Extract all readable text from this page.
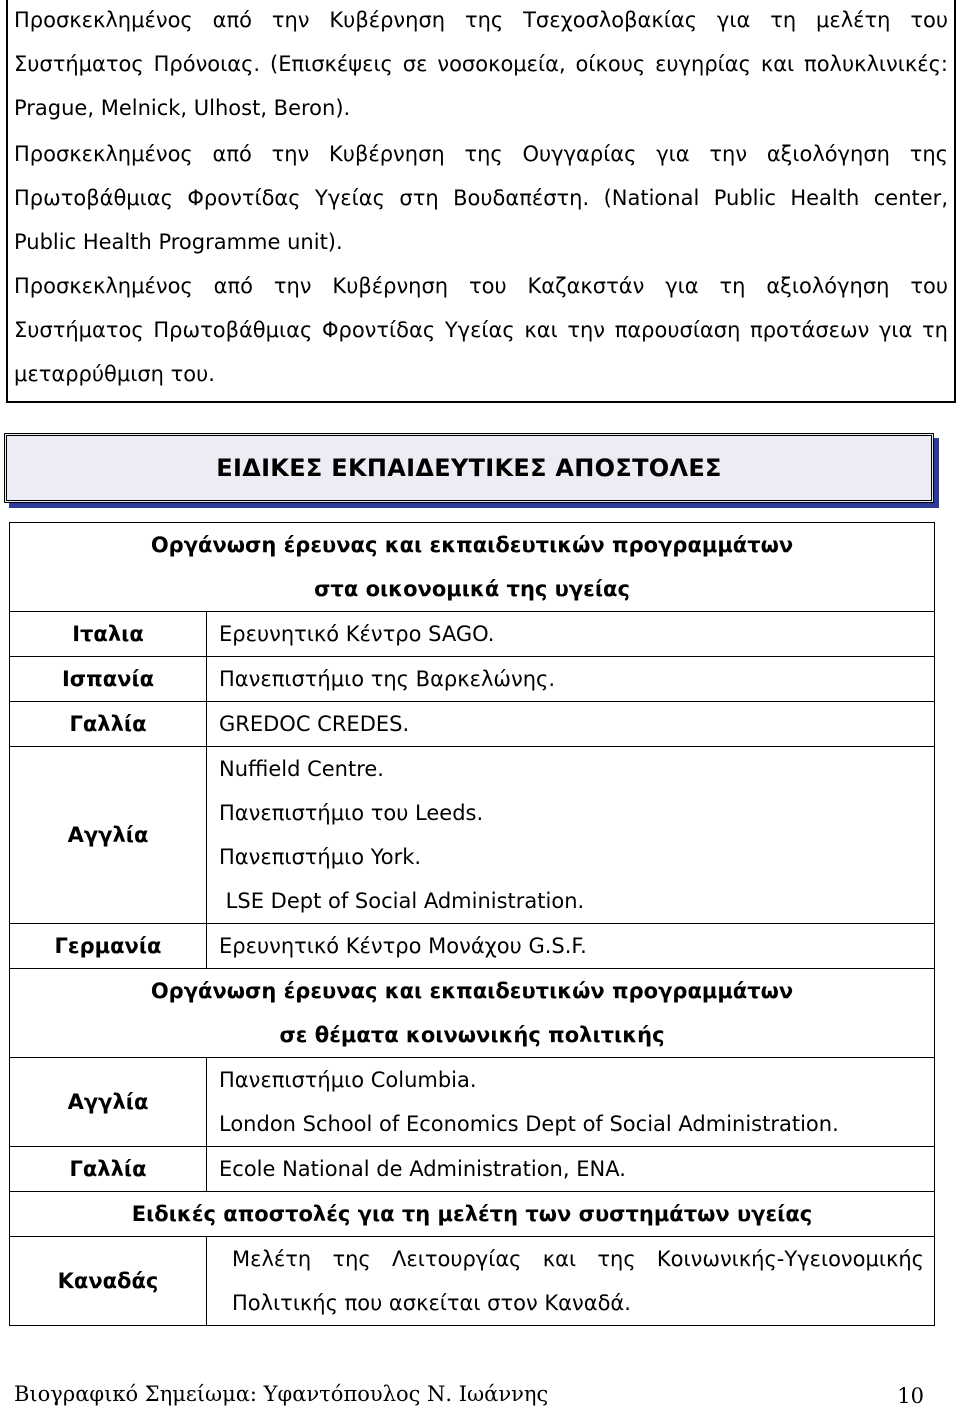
Προσκεκλημένος από την Κυβέρνηση της Τσεχοσλοβακίας για τη μελέτη του
Συστήματος Πρόνοιας. (Επισκέψεις σε νοσοκομεία, οίκους ευγηρίας και πολυκλινικές:
Prague, Melnick, Ulhost, Beron).
Προσκεκλημένος από την Κυβέρνηση της Ουγγαρίας για την αξιολόγηση της
Πρωτοβάθμιας Φροντίδας Υγείας στη Βουδαπέστη. (National Public Health center,
Public Health Programme unit).
Προσκεκλημένος από την Κυβέρνηση του Καζακστάν για τη αξιολόγηση του
Συστήματος Πρωτοβάθμιας Φροντίδας Υγείας και την παρουσίαση προτάσεων για τη
μεταρρύθμιση του.
ΕΙΔΙΚΕΣ ΕΚΠΑΙΔΕΥΤΙΚΕΣ ΑΠΟΣΤΟΛΕΣ
Οργάνωση έρευνας και εκπαιδευτικών προγραμμάτων
στα οικονομικά της υγείας	

Ιταλια	Ερευνητικό Κέντρο SAGO.

Ισπανία	Πανεπιστήμιο της Βαρκελώνης.

Γαλλία	GREDOC CREDES.

Αγγλία	Nuffield Centre.
Πανεπιστήμιο του Leeds.
Πανεπιστήμιο York.
LSE Dept of Social Administration.

Γερμανία	Ερευνητικό Κέντρο Μονάχου G.S.F.

Οργάνωση έρευνας και εκπαιδευτικών προγραμμάτων
σε θέματα κοινωνικής πολιτικής	

Αγγλία	Πανεπιστήμιο Columbia.
London School of Economics Dept of Social Administration.

Γαλλία	Ecole National de Administration, ENA.

Ειδικές αποστολές για τη μελέτη των συστημάτων υγείας	

Καναδάς	Μελέτη της Λειτουργίας και της Κοινωνικής-Υγειονομικής
Πολιτικής που ασκείται στον Καναδά.
Βιογραφικό Σημείωμα: Υφαντόπουλος Ν. Ιωάννης	10
